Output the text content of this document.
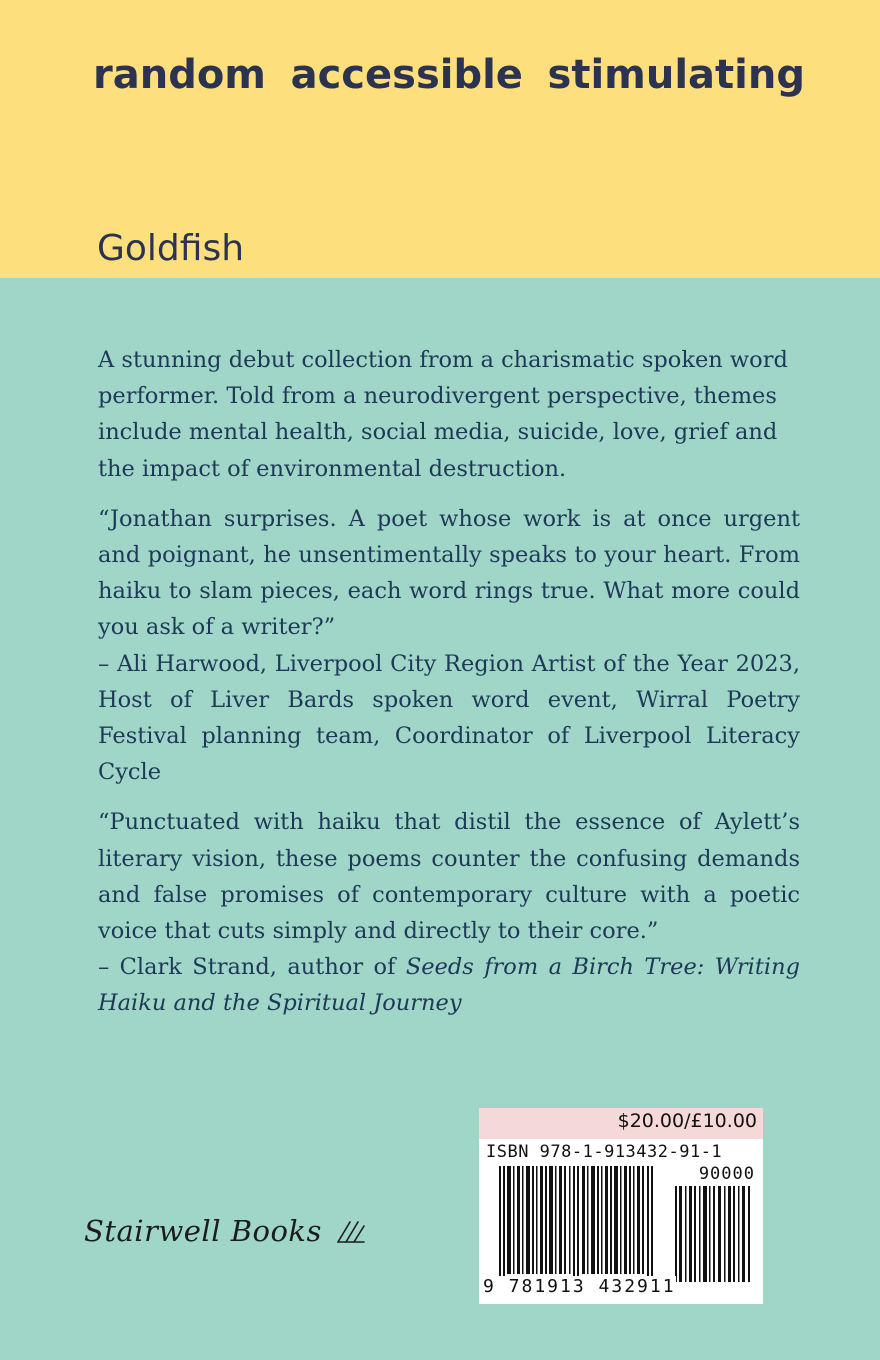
random accessible stimulating
Goldfish

A stunning debut collection from a charismatic spoken word performer. Told from a neurodivergent perspective, themes include mental health, social media, suicide, love, grief and the impact of environmental destruction.

“Jonathan surprises. A poet whose work is at once urgent and poignant, he unsentimentally speaks to your heart. From haiku to slam pieces, each word rings true. What more could you ask of a writer?”
– Ali Harwood, Liverpool City Region Artist of the Year 2023, Host of Liver Bards spoken word event, Wirral Poetry Festival planning team, Coordinator of Liverpool Literacy Cycle

“Punctuated with haiku that distil the essence of Aylett’s literary vision, these poems counter the confusing demands and false promises of contemporary culture with a poetic voice that cuts simply and directly to their core.”
– Clark Strand, author of Seeds from a Birch Tree: Writing Haiku and the Spiritual Journey

$20.00/£10.00
ISBN 978-1-913432-91-1
90000
9 781913 432911
Stairwell Books
